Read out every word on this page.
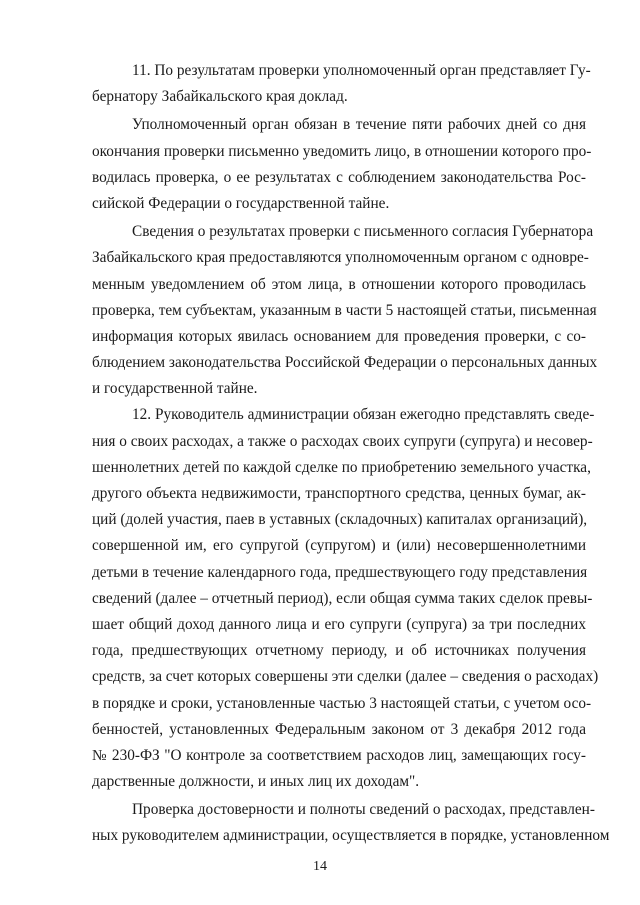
11. По результатам проверки уполномоченный орган представляет Гу-
бернатору Забайкальского края доклад.
Уполномоченный орган обязан в течение пяти рабочих дней со дня
окончания проверки письменно уведомить лицо, в отношении которого про-
водилась проверка, о ее результатах с соблюдением законодательства Рос-
сийской Федерации о государственной тайне.
Сведения о результатах проверки с письменного согласия Губернатора
Забайкальского края предоставляются уполномоченным органом с одновре-
менным уведомлением об этом лица, в отношении которого проводилась
проверка, тем субъектам, указанным в части 5 настоящей статьи, письменная
информация которых явилась основанием для проведения проверки, с со-
блюдением законодательства Российской Федерации о персональных данных
и государственной тайне.
12. Руководитель администрации обязан ежегодно представлять сведе-
ния о своих расходах, а также о расходах своих супруги (супруга) и несовер-
шеннолетних детей по каждой сделке по приобретению земельного участка,
другого объекта недвижимости, транспортного средства, ценных бумаг, ак-
ций (долей участия, паев в уставных (складочных) капиталах организаций),
совершенной им, его супругой (супругом) и (или) несовершеннолетними
детьми в течение календарного года, предшествующего году представления
сведений (далее – отчетный период), если общая сумма таких сделок превы-
шает общий доход данного лица и его супруги (супруга) за три последних
года, предшествующих отчетному периоду, и об источниках получения
средств, за счет которых совершены эти сделки (далее – сведения о расходах)
в порядке и сроки, установленные частью 3 настоящей статьи, с учетом осо-
бенностей, установленных Федеральным законом от 3 декабря 2012 года
№ 230-ФЗ "О контроле за соответствием расходов лиц, замещающих госу-
дарственные должности, и иных лиц их доходам".
Проверка достоверности и полноты сведений о расходах, представлен-
ных руководителем администрации, осуществляется в порядке, установленном
14
